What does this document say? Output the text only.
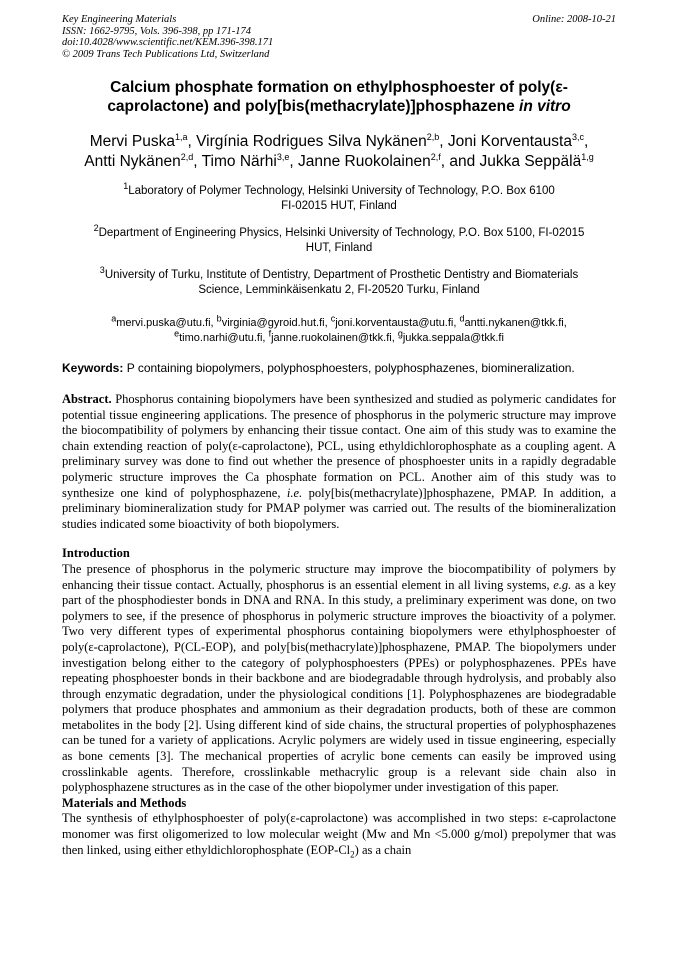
Key Engineering Materials
ISSN: 1662-9795, Vols. 396-398, pp 171-174
doi:10.4028/www.scientific.net/KEM.396-398.171
© 2009 Trans Tech Publications Ltd, Switzerland
Online: 2008-10-21
Calcium phosphate formation on ethylphosphoester of poly(ε-
caprolactone) and poly[bis(methacrylate)]phosphazene in vitro
Mervi Puska$^{1,a}$, Virgínia Rodrigues Silva Nykänen$^{2,b}$, Joni Korventausta$^{3,c}$,
Antti Nykänen$^{2,d}$, Timo Närhi$^{3,e}$, Janne Ruokolainen$^{2,f}$, and Jukka Seppälä$^{1,g}$
$^1$Laboratory of Polymer Technology, Helsinki University of Technology, P.O. Box 6100
FI-02015 HUT, Finland
$^2$Department of Engineering Physics, Helsinki University of Technology, P.O. Box 5100, FI-02015
HUT, Finland
$^3$University of Turku, Institute of Dentistry, Department of Prosthetic Dentistry and Biomaterials
Science, Lemminkäisenkatu 2, FI-20520 Turku, Finland
$^a$mervi.puska@utu.fi, $^b$virginia@gyroid.hut.fi, $^c$joni.korventausta@utu.fi, $^d$antti.nykanen@tkk.fi,
$^e$timo.narhi@utu.fi, $^f$janne.ruokolainen@tkk.fi, $^g$jukka.seppala@tkk.fi
Keywords: P containing biopolymers, polyphosphoesters, polyphosphazenes, biomineralization.
Abstract. Phosphorus containing biopolymers have been synthesized and studied as polymeric candidates for potential tissue engineering applications. The presence of phosphorus in the polymeric structure may improve the biocompatibility of polymers by enhancing their tissue contact. One aim of this study was to examine the chain extending reaction of poly(ε-caprolactone), PCL, using ethyldichlorophosphate as a coupling agent. A preliminary survey was done to find out whether the presence of phosphoester units in a rapidly degradable polymeric structure improves the Ca phosphate formation on PCL. Another aim of this study was to synthesize one kind of polyphosphazene, i.e. poly[bis(methacrylate)]phosphazene, PMAP. In addition, a preliminary biomineralization study for PMAP polymer was carried out. The results of the biomineralization studies indicated some bioactivity of both biopolymers.
Introduction
The presence of phosphorus in the polymeric structure may improve the biocompatibility of polymers by enhancing their tissue contact. Actually, phosphorus is an essential element in all living systems, e.g. as a key part of the phosphodiester bonds in DNA and RNA. In this study, a preliminary experiment was done, on two polymers to see, if the presence of phosphorus in polymeric structure improves the bioactivity of a polymer. Two very different types of experimental phosphorus containing biopolymers were ethylphosphoester of poly(ε-caprolactone), P(CL-EOP), and poly[bis(methacrylate)]phosphazene, PMAP. The biopolymers under investigation belong either to the category of polyphosphoesters (PPEs) or polyphosphazenes. PPEs have repeating phosphoester bonds in their backbone and are biodegradable through hydrolysis, and probably also through enzymatic degradation, under the physiological conditions [1]. Polyphosphazenes are biodegradable polymers that produce phosphates and ammonium as their degradation products, both of these are common metabolites in the body [2]. Using different kind of side chains, the structural properties of polyphosphazenes can be tuned for a variety of applications. Acrylic polymers are widely used in tissue engineering, especially as bone cements [3]. The mechanical properties of acrylic bone cements can easily be improved using crosslinkable agents. Therefore, crosslinkable methacrylic group is a relevant side chain also in polyphosphazene structures as in the case of the other biopolymer under investigation of this paper.
Materials and Methods
The synthesis of ethylphosphoester of poly(ε-caprolactone) was accomplished in two steps: ε-caprolactone monomer was first oligomerized to low molecular weight (Mw and Mn <5.000 g/mol) prepolymer that was then linked, using either ethyldichlorophosphate $(EOP-Cl_2)$ as a chain
